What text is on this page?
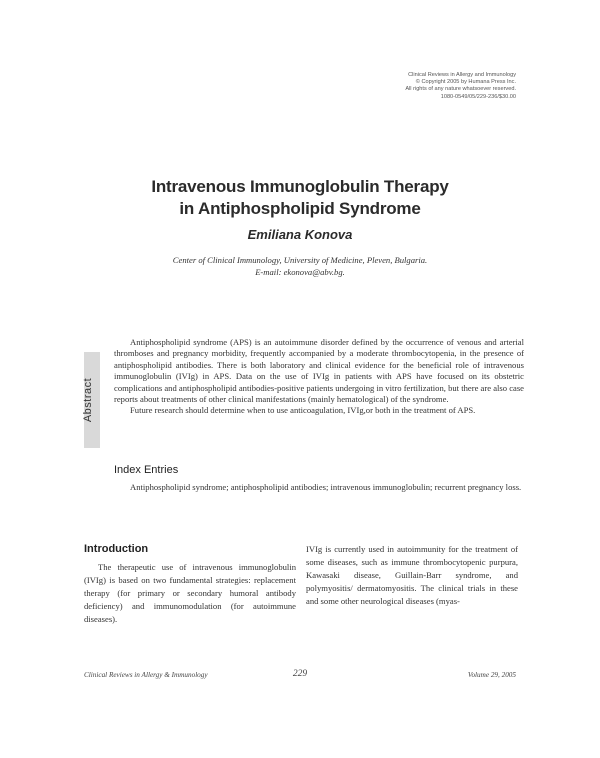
Clinical Reviews in Allergy and Immunology
© Copyright 2005 by Humana Press Inc.
All rights of any nature whatsoever reserved.
1080-0549/05/229-236/$30.00
Intravenous Immunoglobulin Therapy
in Antiphospholipid Syndrome
Emiliana Konova
Center of Clinical Immunology, University of Medicine, Pleven, Bulgaria.
E-mail: ekonova@abv.bg.
Abstract

Antiphospholipid syndrome (APS) is an autoimmune disorder defined by the occurrence of venous and arterial thromboses and pregnancy morbidity, frequently accompanied by a moderate thrombocytopenia, in the presence of antiphospholipid antibodies. There is both laboratory and clinical evidence for the beneficial role of intravenous immunoglobulin (IVIg) in APS. Data on the use of IVIg in patients with APS have focused on its obstetric complications and antiphospholipid antibodies-positive patients undergoing in vitro fertilization, but there are also case reports about treatments of other clinical manifestations (mainly hematological) of the syndrome.

Future research should determine when to use anticoagulation, IVIg,or both in the treatment of APS.

Index Entries
Antiphospholipid syndrome; antiphospholipid antibodies; intravenous immunoglobulin; recurrent pregnancy loss.
Introduction
The therapeutic use of intravenous immunoglobulin (IVIg) is based on two fundamental strategies: replacement therapy (for primary or secondary humoral antibody deficiency) and immunomodulation (for autoimmune diseases).
IVIg is currently used in autoimmunity for the treatment of some diseases, such as immune thrombocytopenic purpura, Kawasaki disease, Guillain-Barr syndrome, and polymyositis/ dermatomyositis. The clinical trials in these and some other neurological diseases (myas-
Clinical Reviews in Allergy & Immunology	229	Volume 29, 2005
